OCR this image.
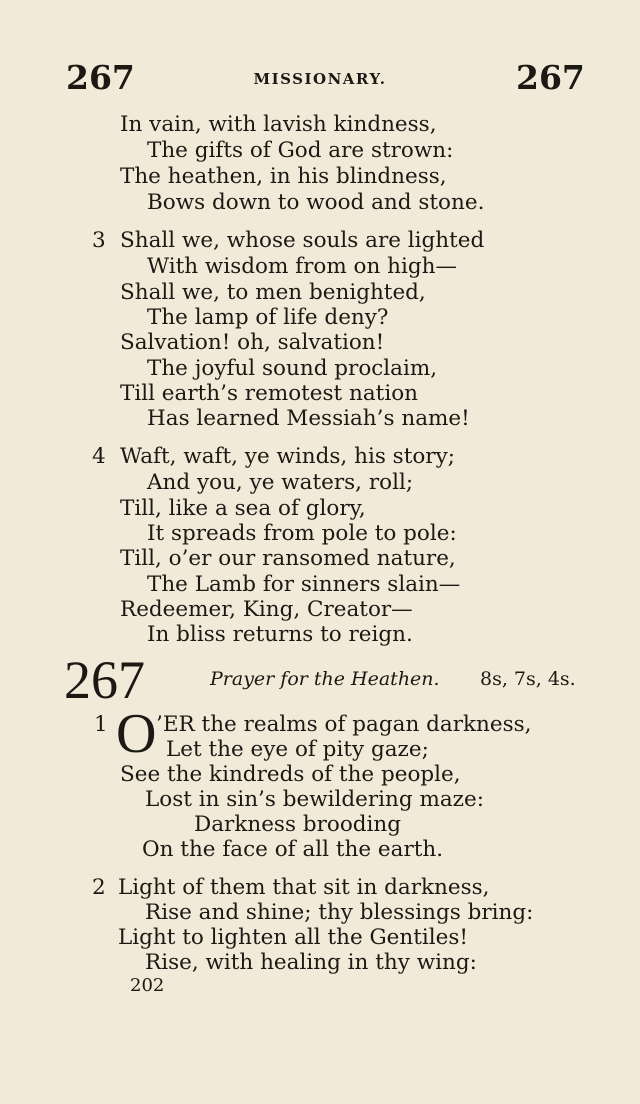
267	MISSIONARY.	267
In vain, with lavish kindness,
The gifts of God are strown:
The heathen, in his blindness,
Bows down to wood and stone.
3 Shall we, whose souls are lighted
With wisdom from on high—
Shall we, to men benighted,
The lamp of life deny?
Salvation! oh, salvation!
The joyful sound proclaim,
Till earth’s remotest nation
Has learned Messiah’s name!
4 Waft, waft, ye winds, his story;
And you, ye waters, roll;
Till, like a sea of glory,
It spreads from pole to pole:
Till, o’er our ransomed nature,
The Lamb for sinners slain—
Redeemer, King, Creator—
In bliss returns to reign.
267	Prayer for the Heathen. 8s, 7s, 4s.
1 O ’ER the realms of pagan darkness,
Let the eye of pity gaze;
See the kindreds of the people,
Lost in sin’s bewildering maze:
Darkness brooding
On the face of all the earth.
2 Light of them that sit in darkness,
Rise and shine; thy blessings bring:
Light to lighten all the Gentiles!
Rise, with healing in thy wing:
202
